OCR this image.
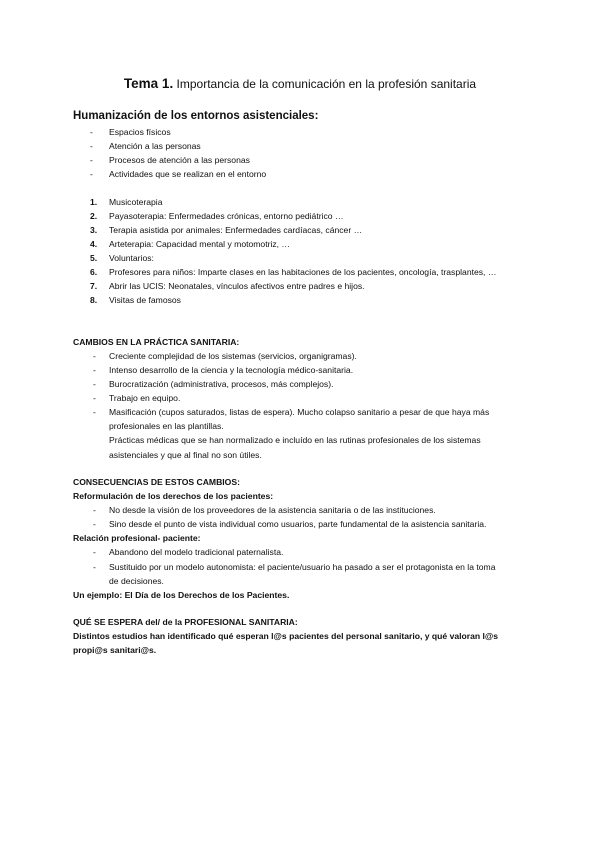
Tema 1. Importancia de la comunicación en la profesión sanitaria
Humanización de los entornos asistenciales:
- Espacios físicos
- Atención a las personas
- Procesos de atención a las personas
- Actividades que se realizan en el entorno
1. Musicoterapia
2. Payasoterapia: Enfermedades crónicas, entorno pediátrico …
3. Terapia asistida por animales: Enfermedades cardíacas, cáncer …
4. Arteterapia: Capacidad mental y motomotriz, …
5. Voluntarios:
6. Profesores para niños: Imparte clases en las habitaciones de los pacientes, oncología, trasplantes, …
7. Abrir las UCIS: Neonatales, vínculos afectivos entre padres e hijos.
8. Visitas de famosos
CAMBIOS EN LA PRÁCTICA SANITARIA:
- Creciente complejidad de los sistemas (servicios, organigramas).
- Intenso desarrollo de la ciencia y la tecnología médico-sanitaria.
- Burocratización (administrativa, procesos, más complejos).
- Trabajo en equipo.
- Masificación (cupos saturados, listas de espera). Mucho colapso sanitario a pesar de que haya más
profesionales en las plantillas.
Prácticas médicas que se han normalizado e incluído en las rutinas profesionales de los sistemas
asistenciales y que al final no son útiles.
CONSECUENCIAS DE ESTOS CAMBIOS:
Reformulación de los derechos de los pacientes:
- No desde la visión de los proveedores de la asistencia sanitaria o de las instituciones.
- Sino desde el punto de vista individual como usuarios, parte fundamental de la asistencia sanitaria.
Relación profesional- paciente:
- Abandono del modelo tradicional paternalista.
- Sustituido por un modelo autonomista: el paciente/usuario ha pasado a ser el protagonista en la toma
de decisiones.
Un ejemplo: El Día de los Derechos de los Pacientes.
QUÉ SE ESPERA del/ de la PROFESIONAL SANITARIA:
Distintos estudios han identificado qué esperan l@s pacientes del personal sanitario, y qué valoran l@s
propi@s sanitari@s.
